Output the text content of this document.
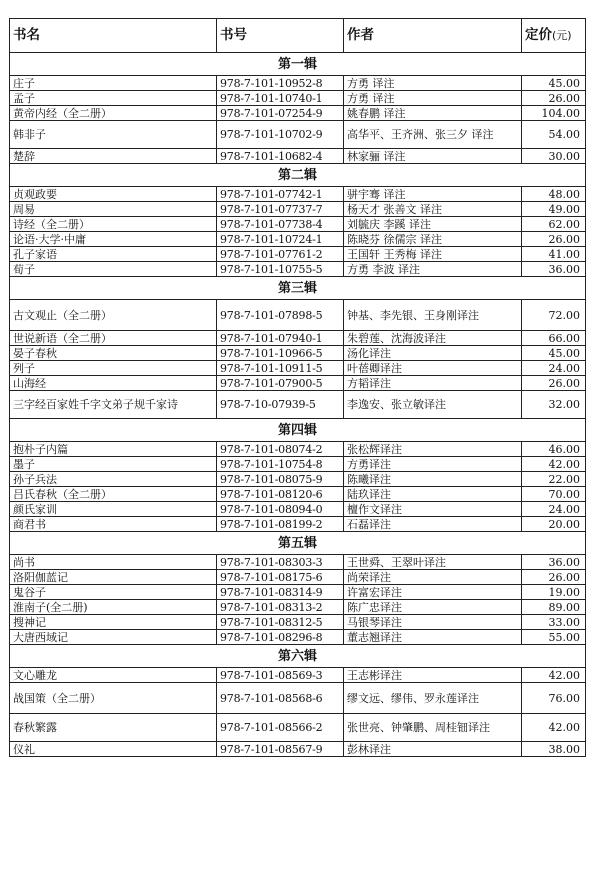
书名	书号	作者	定价(元)
第一辑			
庄子	978-7-101-10952-8	方勇 译注	45.00
孟子	978-7-101-10740-1	方勇 译注	26.00
黄帝内经（全二册）	978-7-101-07254-9	姚春鹏 译注	104.00
韩非子	978-7-101-10702-9	高华平、王齐洲、张三夕 译注	54.00
楚辞	978-7-101-10682-4	林家骊 译注	30.00
第二辑			
贞观政要	978-7-101-07742-1	骈宇骞 译注	48.00
周易	978-7-101-07737-7	杨天才 张善文 译注	49.00
诗经（全二册）	978-7-101-07738-4	刘毓庆 李蹊 译注	62.00
论语·大学·中庸	978-7-101-10724-1	陈晓芬 徐儒宗 译注	26.00
孔子家语	978-7-101-07761-2	王国轩 王秀梅 译注	41.00
荀子	978-7-101-10755-5	方勇 李波 译注	36.00
第三辑			
古文观止（全二册）	978-7-101-07898-5	钟基、李先银、王身刚译注	72.00
世说新语（全二册）	978-7-101-07940-1	朱碧莲、沈海波译注	66.00
晏子春秋	978-7-101-10966-5	汤化译注	45.00
列子	978-7-101-10911-5	叶蓓卿译注	24.00
山海经	978-7-101-07900-5	方韬译注	26.00
三字经百家姓千字文弟子规千家诗	978-7-10-07939-5	李逸安、张立敏译注	32.00
第四辑			
抱朴子内篇	978-7-101-08074-2	张松辉译注	46.00
墨子	978-7-101-10754-8	方勇译注	42.00
孙子兵法	978-7-101-08075-9	陈曦译注	22.00
吕氏春秋（全二册）	978-7-101-08120-6	陆玖译注	70.00
颜氏家训	978-7-101-08094-0	檀作文译注	24.00
商君书	978-7-101-08199-2	石磊译注	20.00
第五辑			
尚书	978-7-101-08303-3	王世舜、王翠叶译注	36.00
洛阳伽蓝记	978-7-101-08175-6	尚荣译注	26.00
鬼谷子	978-7-101-08314-9	许富宏译注	19.00
淮南子(全二册)	978-7-101-08313-2	陈广忠译注	89.00
搜神记	978-7-101-08312-5	马银琴译注	33.00
大唐西域记	978-7-101-08296-8	董志翘译注	55.00
第六辑			
文心雕龙	978-7-101-08569-3	王志彬译注	42.00
战国策（全二册）	978-7-101-08568-6	缪文远、缪伟、罗永莲译注	76.00
春秋繁露	978-7-101-08566-2	张世亮、钟肇鹏、周桂钿译注	42.00
仪礼	978-7-101-08567-9	彭林译注	38.00
